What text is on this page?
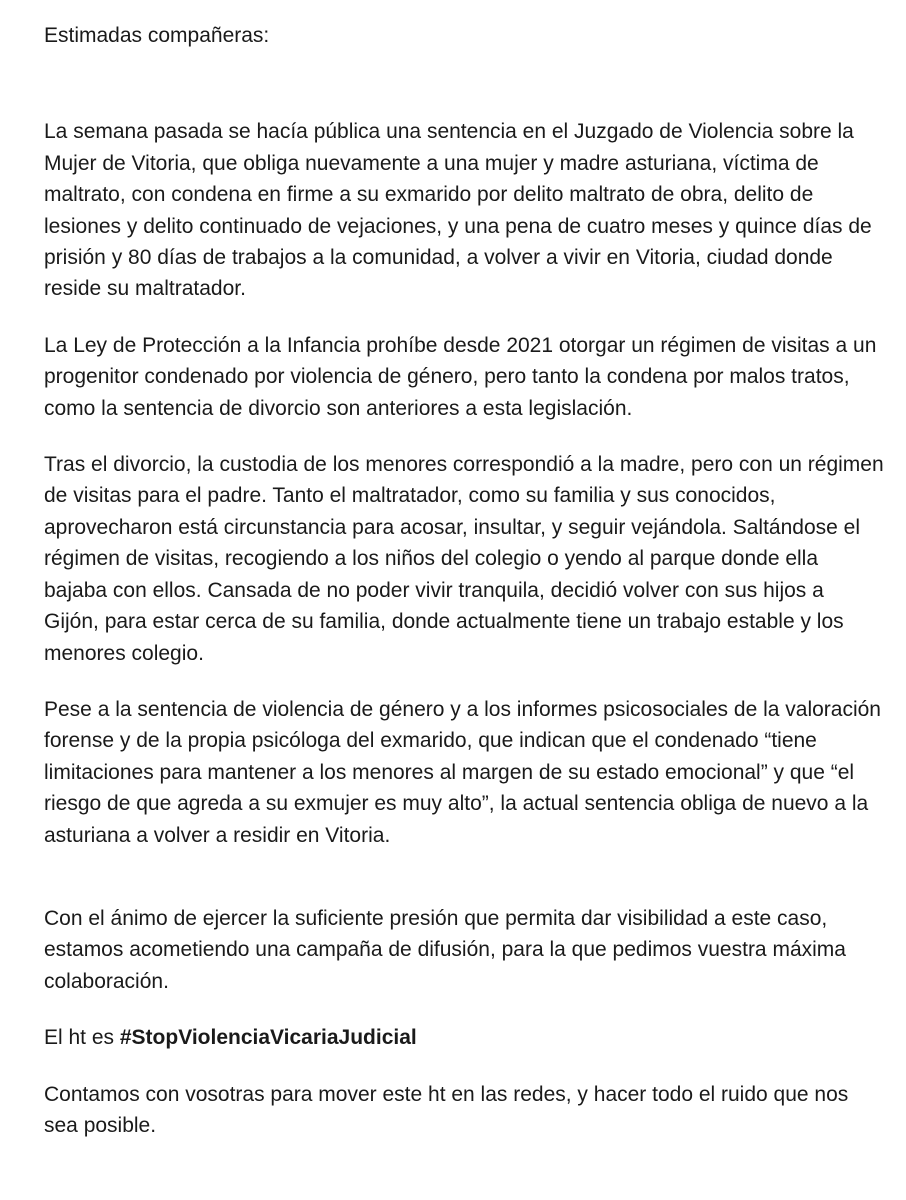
Estimadas compañeras:

La semana pasada se hacía pública una sentencia en el Juzgado de Violencia sobre la Mujer de Vitoria, que obliga nuevamente a una mujer y madre asturiana, víctima de maltrato, con condena en firme a su exmarido por delito maltrato de obra, delito de lesiones y delito continuado de vejaciones, y una pena de cuatro meses y quince días de prisión y 80 días de trabajos a la comunidad, a volver a vivir en Vitoria, ciudad donde reside su maltratador.

La Ley de Protección a la Infancia prohíbe desde 2021 otorgar un régimen de visitas a un progenitor condenado por violencia de género, pero tanto la condena por malos tratos, como la sentencia de divorcio son anteriores a esta legislación.

Tras el divorcio, la custodia de los menores correspondió a la madre, pero con un régimen de visitas para el padre. Tanto el maltratador, como su familia y sus conocidos, aprovecharon está circunstancia para acosar, insultar, y seguir vejándola. Saltándose el régimen de visitas, recogiendo a los niños del colegio o yendo al parque donde ella bajaba con ellos. Cansada de no poder vivir tranquila, decidió volver con sus hijos a Gijón, para estar cerca de su familia, donde actualmente tiene un trabajo estable y los menores colegio.

Pese a la sentencia de violencia de género y a los informes psicosociales de la valoración forense y de la propia psicóloga del exmarido, que indican que el condenado “tiene limitaciones para mantener a los menores al margen de su estado emocional” y que “el riesgo de que agreda a su exmujer es muy alto”, la actual sentencia obliga de nuevo a la asturiana a volver a residir en Vitoria.

Con el ánimo de ejercer la suficiente presión que permita dar visibilidad a este caso, estamos acometiendo una campaña de difusión, para la que pedimos vuestra máxima colaboración.

El ht es #StopViolenciaVicariaJudicial

Contamos con vosotras para mover este ht en las redes, y hacer todo el ruido que nos sea posible.
